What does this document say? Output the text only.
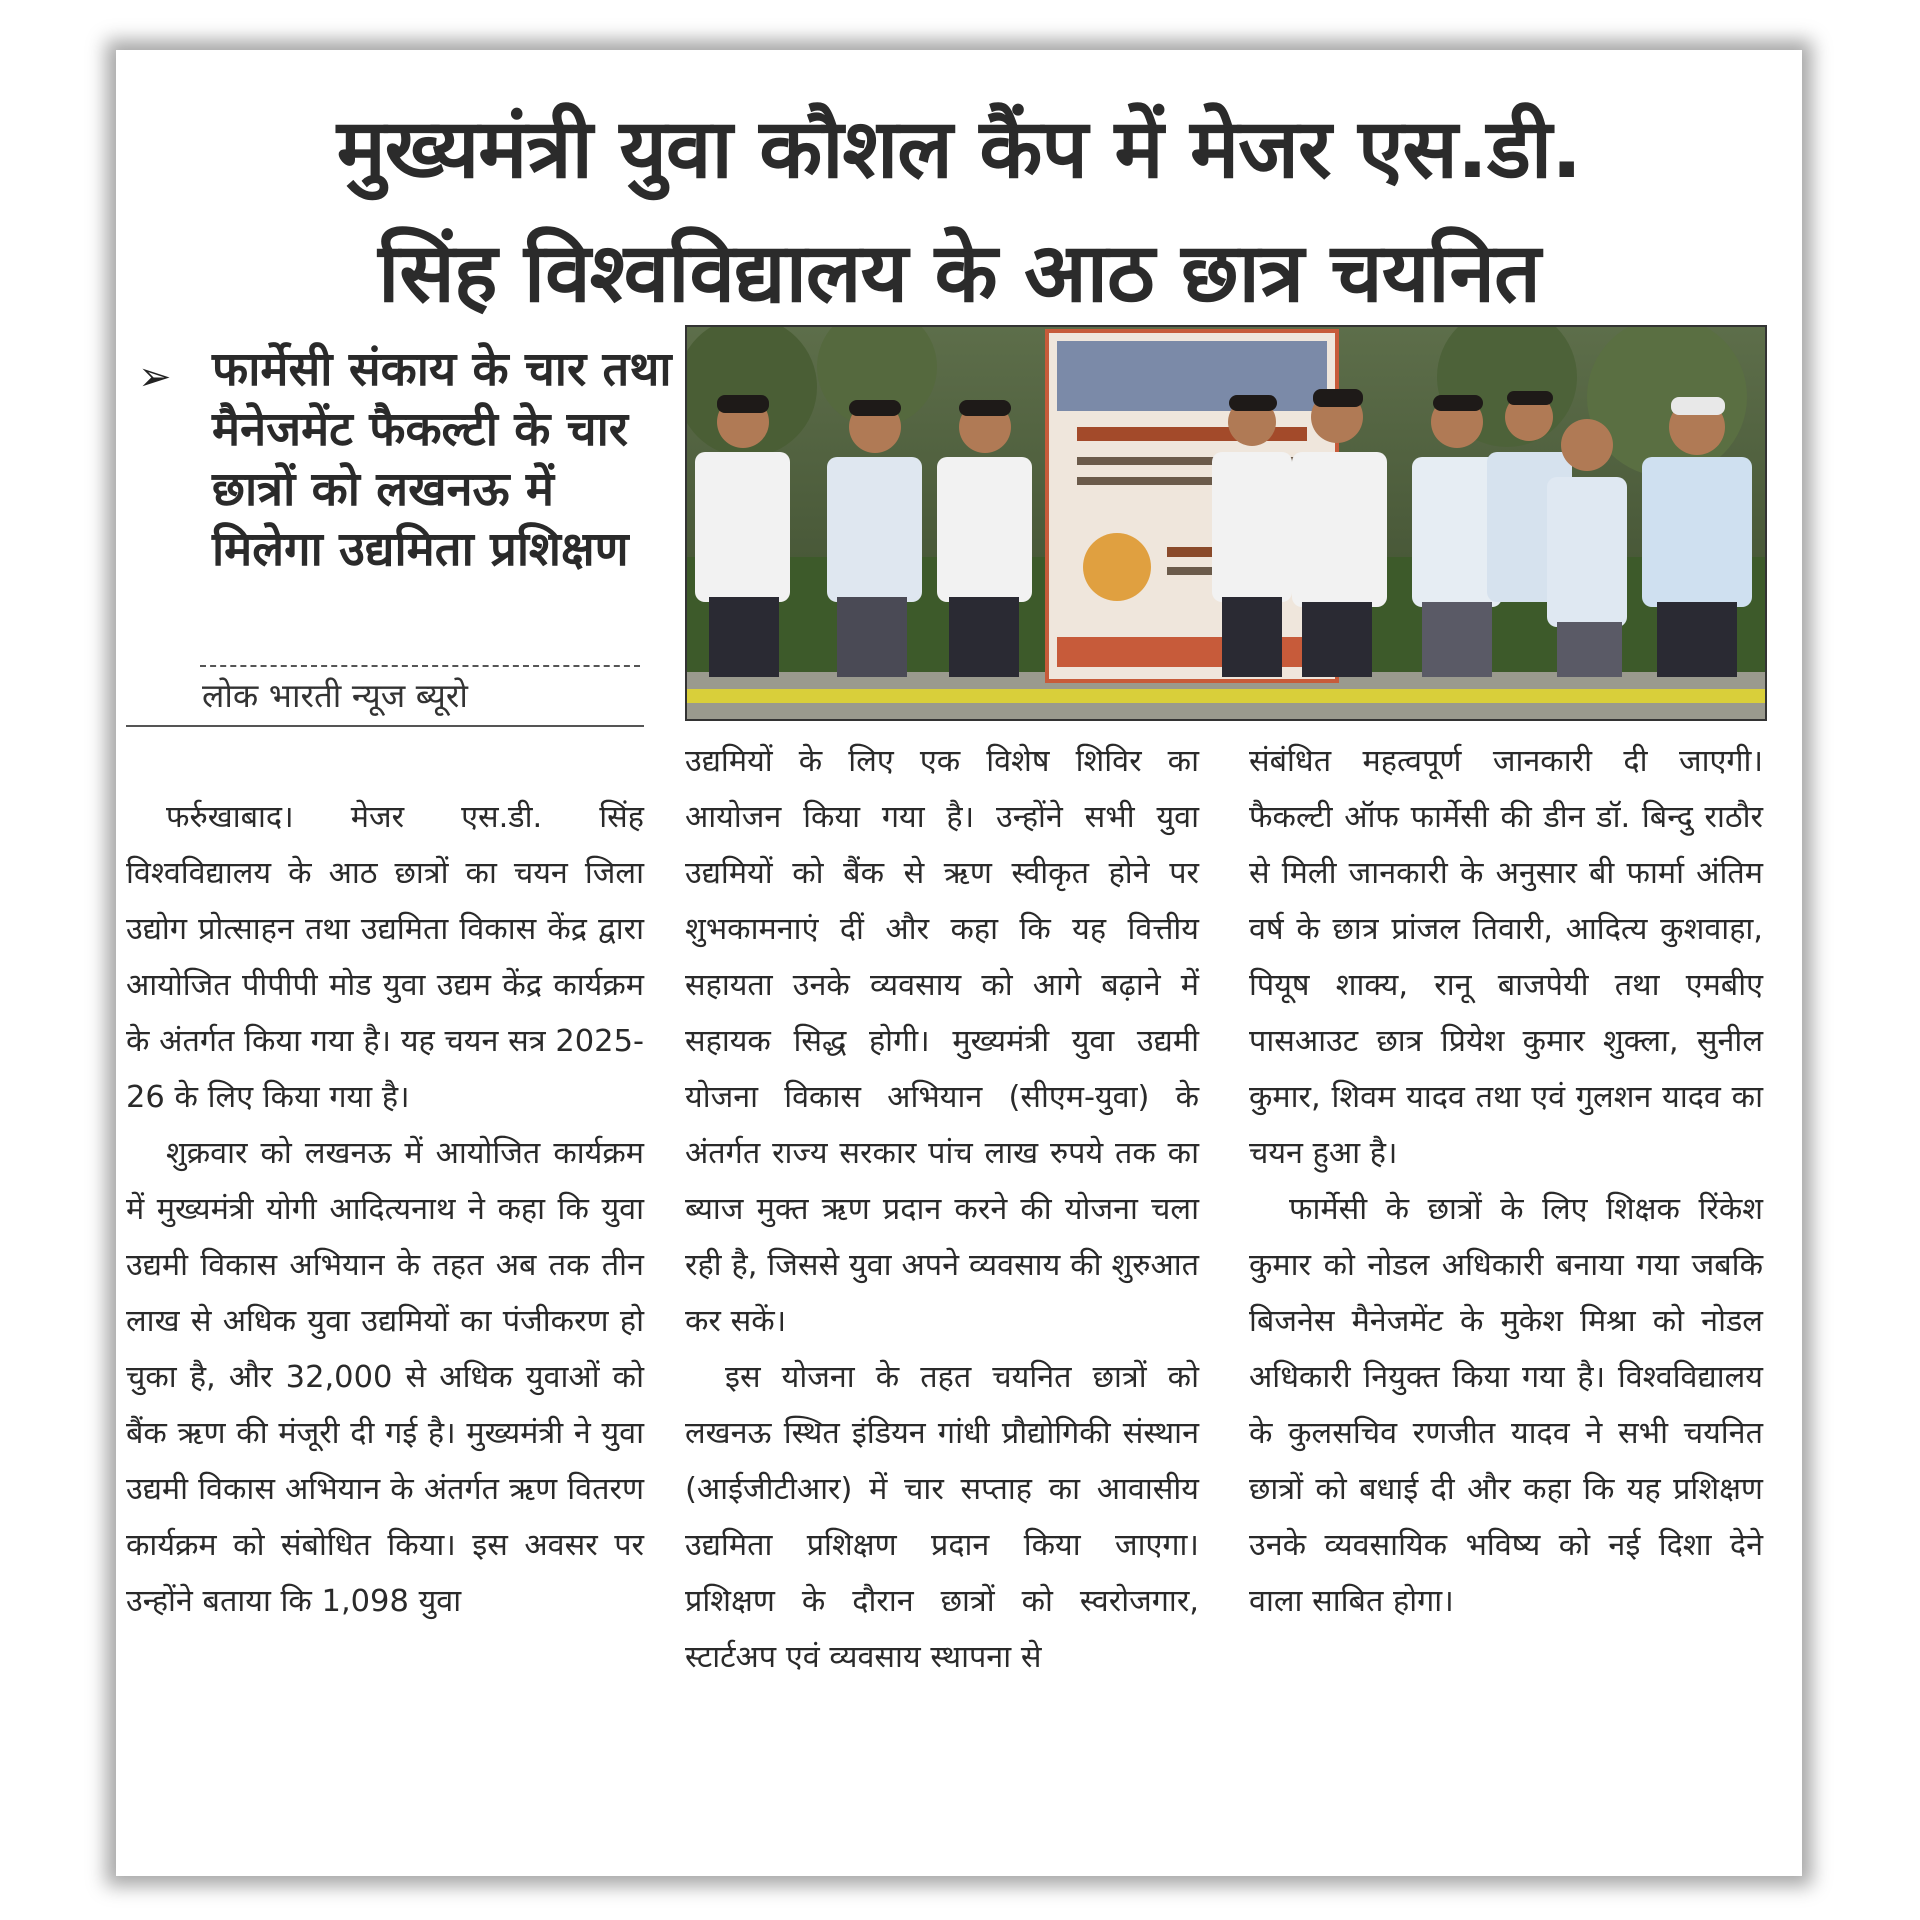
मुख्यमंत्री युवा कौशल कैंप में मेजर एस.डी.
सिंह विश्वविद्यालय के आठ छात्र चयनित
➢ फार्मेसी संकाय के चार तथा मैनेजमेंट फैकल्टी के चार छात्रों को लखनऊ में मिलेगा उद्यमिता प्रशिक्षण
लोक भारती न्यूज ब्यूरो

फर्रुखाबाद। मेजर एस.डी. सिंह विश्वविद्यालय के आठ छात्रों का चयन जिला उद्योग प्रोत्साहन तथा उद्यमिता विकास केंद्र द्वारा आयोजित पीपीपी मोड युवा उद्यम केंद्र कार्यक्रम के अंतर्गत किया गया है। यह चयन सत्र 2025-26 के लिए किया गया है।

शुक्रवार को लखनऊ में आयोजित कार्यक्रम में मुख्यमंत्री योगी आदित्यनाथ ने कहा कि युवा उद्यमी विकास अभियान के तहत अब तक तीन लाख से अधिक युवा उद्यमियों का पंजीकरण हो चुका है, और 32,000 से अधिक युवाओं को बैंक ऋण की मंजूरी दी गई है। मुख्यमंत्री ने युवा उद्यमी विकास अभियान के अंतर्गत ऋण वितरण कार्यक्रम को संबोधित किया। इस अवसर पर उन्होंने बताया कि 1,098 युवा

उद्यमियों के लिए एक विशेष शिविर का आयोजन किया गया है। उन्होंने सभी युवा उद्यमियों को बैंक से ऋण स्वीकृत होने पर शुभकामनाएं दीं और कहा कि यह वित्तीय सहायता उनके व्यवसाय को आगे बढ़ाने में सहायक सिद्ध होगी। मुख्यमंत्री युवा उद्यमी योजना विकास अभियान (सीएम-युवा) के अंतर्गत राज्य सरकार पांच लाख रुपये तक का ब्याज मुक्त ऋण प्रदान करने की योजना चला रही है, जिससे युवा अपने व्यवसाय की शुरुआत कर सकें।

इस योजना के तहत चयनित छात्रों को लखनऊ स्थित इंडियन गांधी प्रौद्योगिकी संस्थान (आईजीटीआर) में चार सप्ताह का आवासीय उद्यमिता प्रशिक्षण प्रदान किया जाएगा। प्रशिक्षण के दौरान छात्रों को स्वरोजगार, स्टार्टअप एवं व्यवसाय स्थापना से

संबंधित महत्वपूर्ण जानकारी दी जाएगी। फैकल्टी ऑफ फार्मेसी की डीन डॉ. बिन्दु राठौर से मिली जानकारी के अनुसार बी फार्मा अंतिम वर्ष के छात्र प्रांजल तिवारी, आदित्य कुशवाहा, पियूष शाक्य, रानू बाजपेयी तथा एमबीए पासआउट छात्र प्रियेश कुमार शुक्ला, सुनील कुमार, शिवम यादव तथा एवं गुलशन यादव का चयन हुआ है।

फार्मेसी के छात्रों के लिए शिक्षक रिंकेश कुमार को नोडल अधिकारी बनाया गया जबकि बिजनेस मैनेजमेंट के मुकेश मिश्रा को नोडल अधिकारी नियुक्त किया गया है। विश्वविद्यालय के कुलसचिव रणजीत यादव ने सभी चयनित छात्रों को बधाई दी और कहा कि यह प्रशिक्षण उनके व्यवसायिक भविष्य को नई दिशा देने वाला साबित होगा।
